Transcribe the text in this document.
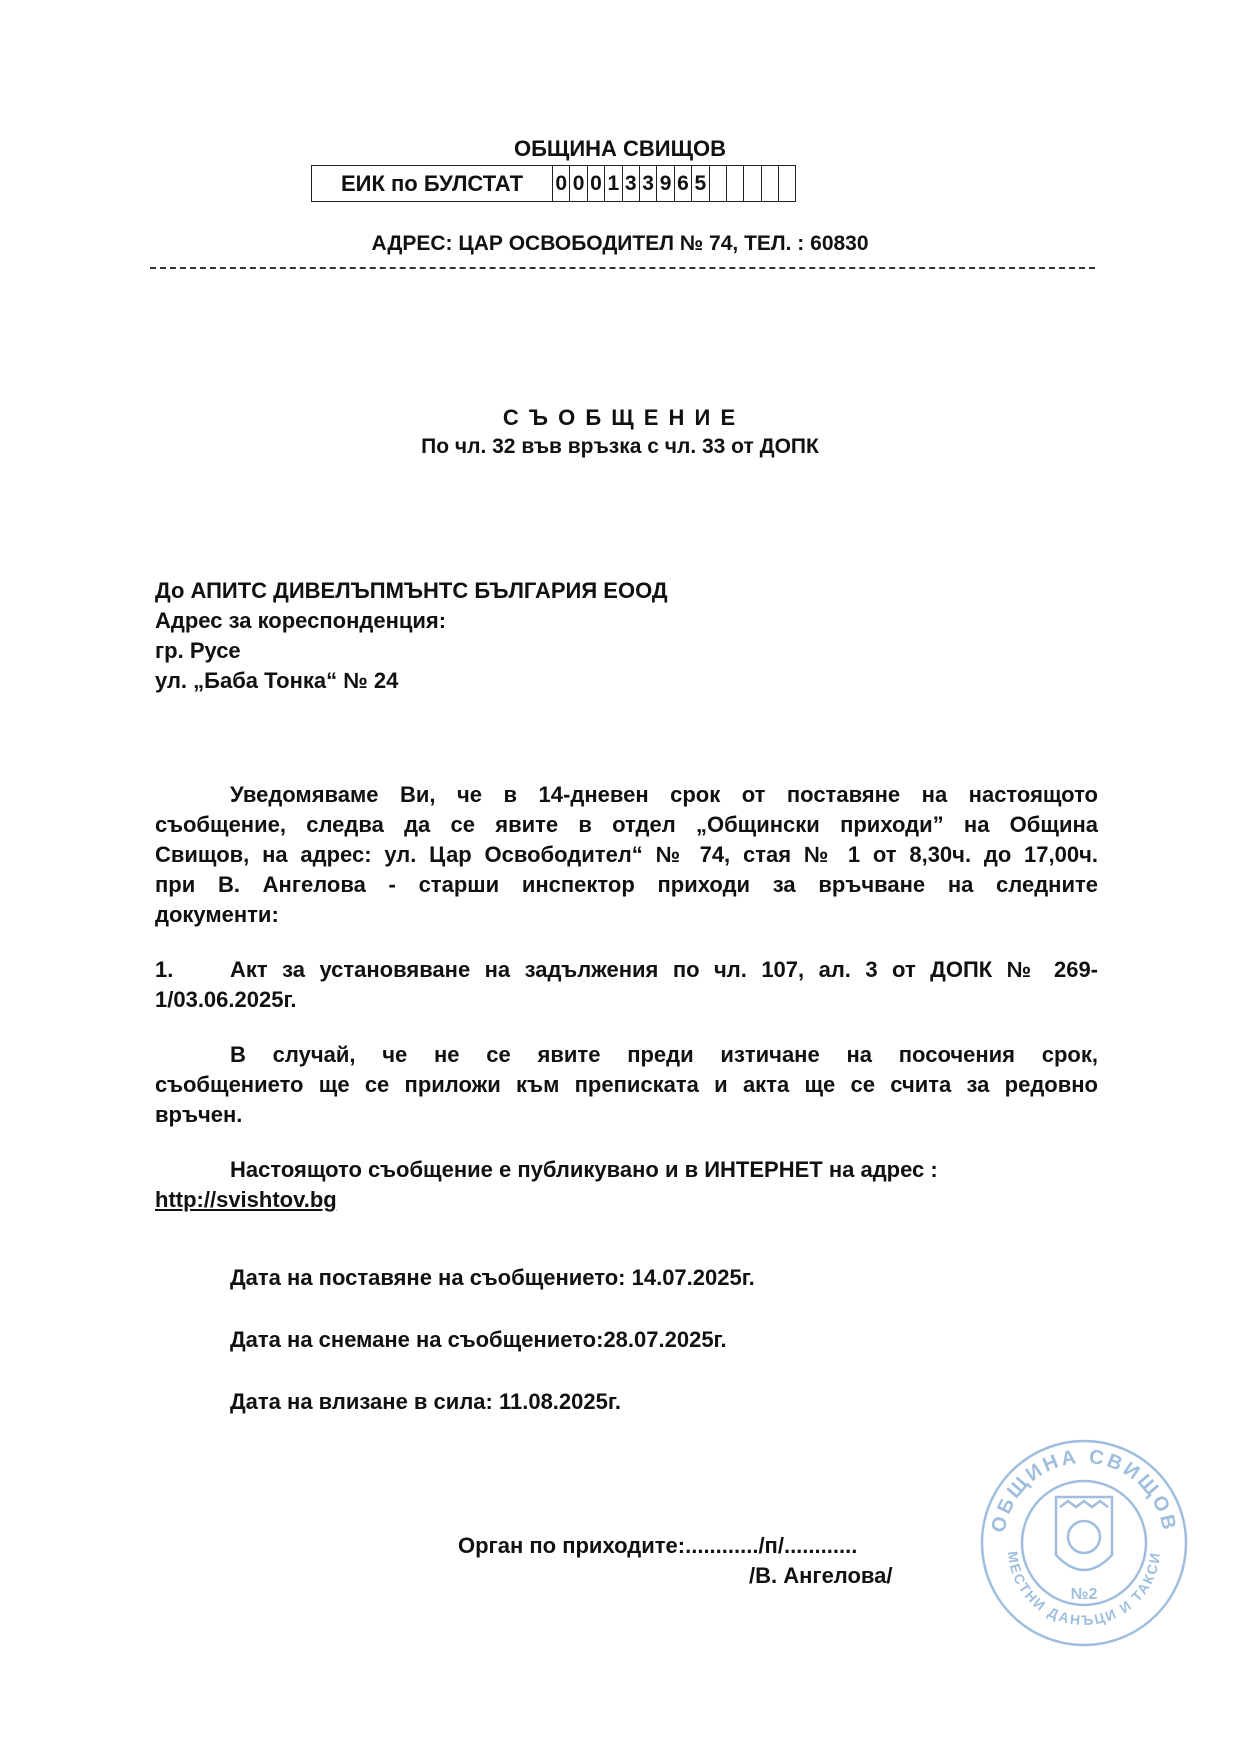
ОБЩИНА СВИЩОВ
ЕИК по БУЛСТАТ	0 0 0 1 3 3 9 6 5
АДРЕС: ЦАР ОСВОБОДИТЕЛ № 74, ТЕЛ. : 60830
С Ъ О Б Щ Е Н И Е
По чл. 32 във връзка с чл. 33 от ДОПК
До АПИТС ДИВЕЛЪПМЪНТС БЪЛГАРИЯ ЕООД
Адрес за кореспонденция:
гр. Русе
ул. „Баба Тонка“ № 24
Уведомяваме Ви, че в 14-дневен срок от поставяне на настоящото
съобщение, следва да се явите в отдел „Общински приходи” на Община
Свищов, на адрес: ул. Цар Освободител“ № 74, стая № 1 от 8,30ч. до 17,00ч.
при В. Ангелова - старши инспектор приходи за връчване на следните
документи:
1.	Акт за установяване на задължения по чл. 107, ал. 3 от ДОПК № 269-
1/03.06.2025г.
В случай, че не се явите преди изтичане на посочения срок,
съобщението ще се приложи към преписката и акта ще се счита за редовно
връчен.
Настоящото съобщение е публикувано и в ИНТЕРНЕТ на адрес :
http://svishtov.bg
Дата на поставяне на съобщението: 14.07.2025г.
Дата на снемане на съобщението:28.07.2025г.
Дата на влизане в сила: 11.08.2025г.
Орган по приходите:............/п/............
/В. Ангелова/
ОБЩИНА СВИЩОВ
МЕСТНИ ДАНЪЦИ И ТАКСИ
№2
